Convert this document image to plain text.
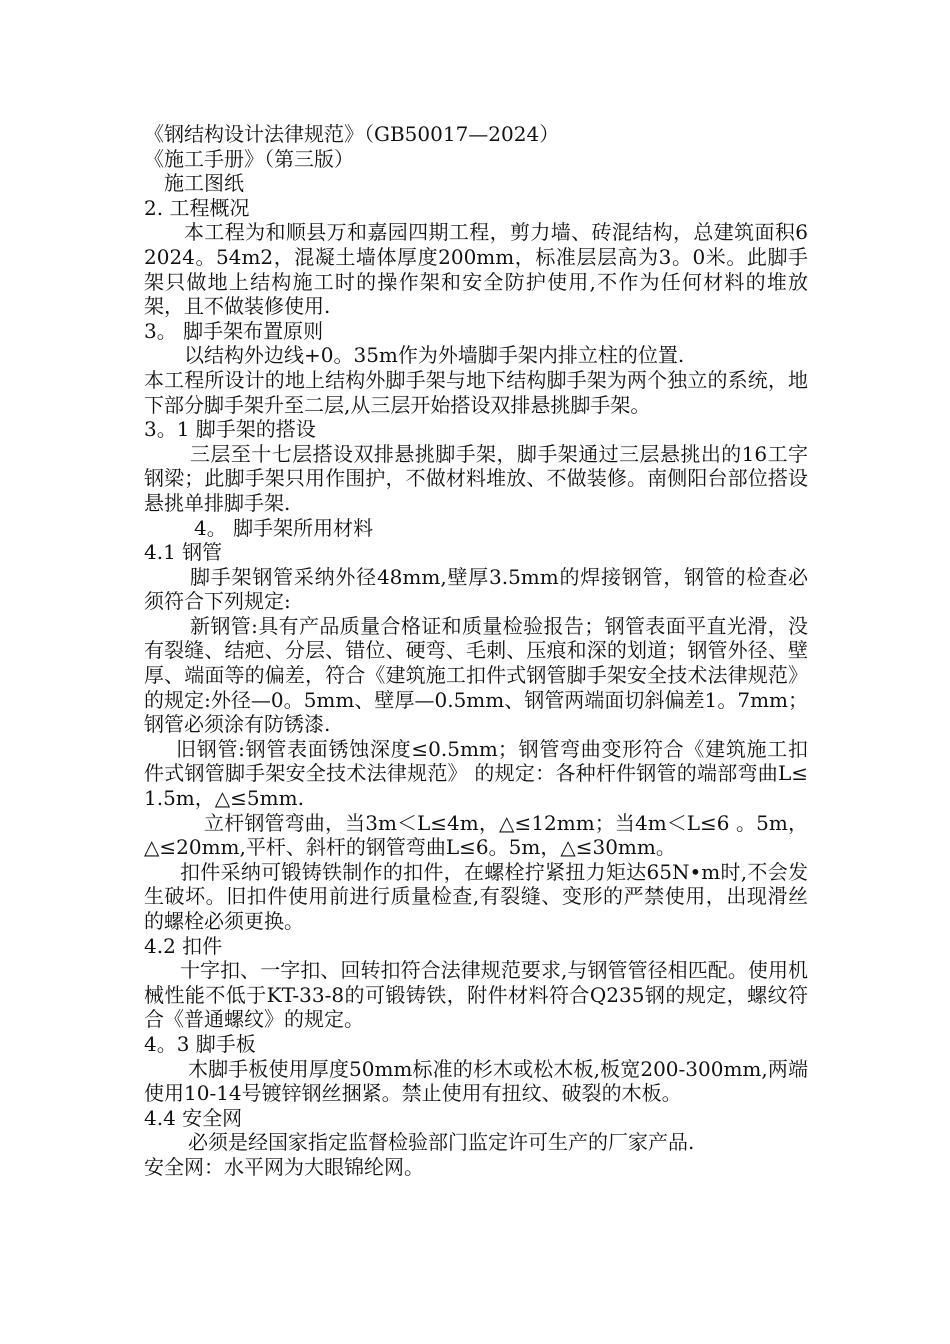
《钢结构设计法律规范》（GB50017—2024）

《施工手册》（第三版）

施工图纸

2. 工程概况

本工程为和顺县万和嘉园四期工程，剪力墙、砖混结构，总建筑面积62024。54m2，混凝土墙体厚度200mm，标准层层高为3。0米。此脚手架只做地上结构施工时的操作架和安全防护使用,不作为任何材料的堆放架，且不做装修使用.

3。 脚手架布置原则

以结构外边线+0。35m作为外墙脚手架内排立柱的位置.

本工程所设计的地上结构外脚手架与地下结构脚手架为两个独立的系统，地下部分脚手架升至二层,从三层开始搭设双排悬挑脚手架。

3。1 脚手架的搭设

三层至十七层搭设双排悬挑脚手架，脚手架通过三层悬挑出的16工字钢梁；此脚手架只用作围护，不做材料堆放、不做装修。南侧阳台部位搭设悬挑单排脚手架.

4。 脚手架所用材料

4.1 钢管

脚手架钢管采纳外径48mm,壁厚3.5mm的焊接钢管，钢管的检查必须符合下列规定:

新钢管:具有产品质量合格证和质量检验报告；钢管表面平直光滑，没有裂缝、结疤、分层、错位、硬弯、毛刺、压痕和深的划道；钢管外径、壁厚、端面等的偏差，符合《建筑施工扣件式钢管脚手架安全技术法律规范》的规定:外径—0。5mm、壁厚—0.5mm、钢管两端面切斜偏差1。7mm；钢管必须涂有防锈漆.

旧钢管:钢管表面锈蚀深度≤0.5mm；钢管弯曲变形符合《建筑施工扣件式钢管脚手架安全技术法律规范》 的规定：各种杆件钢管的端部弯曲L≤1.5m，△≤5mm.

立杆钢管弯曲，当3m＜L≤4m，△≤12mm；当4m＜L≤6 。5m，△≤20mm,平杆、斜杆的钢管弯曲L≤6。5m，△≤30mm。

扣件采纳可锻铸铁制作的扣件，在螺栓拧紧扭力矩达65N•m时,不会发生破坏。旧扣件使用前进行质量检查,有裂缝、变形的严禁使用，出现滑丝的螺栓必须更换。

4.2 扣件

十字扣、一字扣、回转扣符合法律规范要求,与钢管管径相匹配。使用机械性能不低于KT-33-8的可锻铸铁，附件材料符合Q235钢的规定，螺纹符合《普通螺纹》的规定。

4。3 脚手板

木脚手板使用厚度50mm标准的杉木或松木板,板宽200-300mm,两端使用10-14号镀锌钢丝捆紧。禁止使用有扭纹、破裂的木板。

4.4 安全网

必须是经国家指定监督检验部门监定许可生产的厂家产品.

安全网：水平网为大眼锦纶网。
